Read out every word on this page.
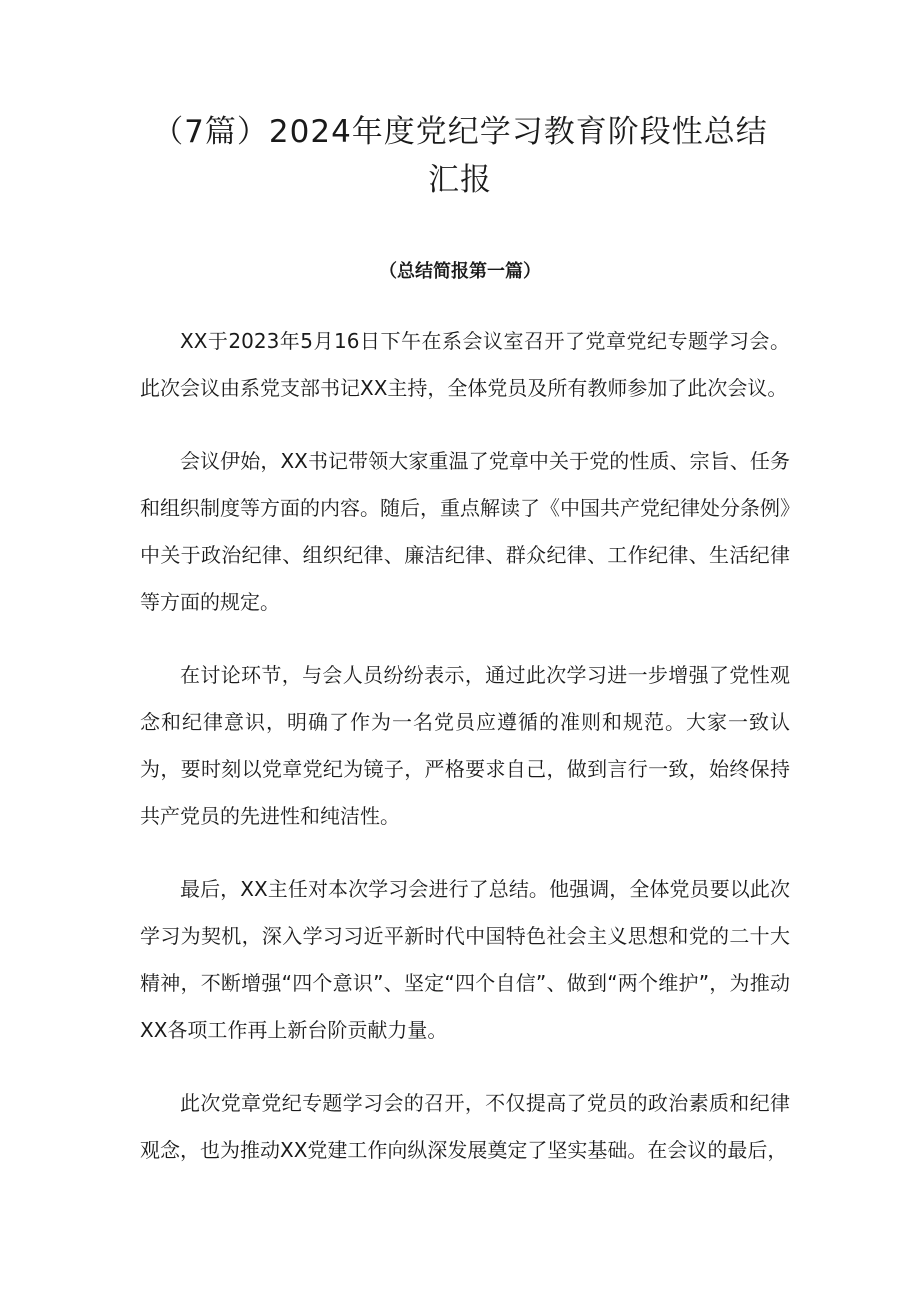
（7篇）2024年度党纪学习教育阶段性总结
汇报

（总结简报第一篇）

XX于2023年5月16日下午在系会议室召开了党章党纪专题学习会。此次会议由系党支部书记XX主持，全体党员及所有教师参加了此次会议。

会议伊始，XX书记带领大家重温了党章中关于党的性质、宗旨、任务和组织制度等方面的内容。随后，重点解读了《中国共产党纪律处分条例》中关于政治纪律、组织纪律、廉洁纪律、群众纪律、工作纪律、生活纪律等方面的规定。

在讨论环节，与会人员纷纷表示，通过此次学习进一步增强了党性观念和纪律意识，明确了作为一名党员应遵循的准则和规范。大家一致认为，要时刻以党章党纪为镜子，严格要求自己，做到言行一致，始终保持共产党员的先进性和纯洁性。

最后，XX主任对本次学习会进行了总结。他强调，全体党员要以此次学习为契机，深入学习习近平新时代中国特色社会主义思想和党的二十大精神，不断增强“四个意识”、坚定“四个自信”、做到“两个维护”，为推动XX各项工作再上新台阶贡献力量。

此次党章党纪专题学习会的召开，不仅提高了党员的政治素质和纪律观念，也为推动XX党建工作向纵深发展奠定了坚实基础。在会议的最后，
